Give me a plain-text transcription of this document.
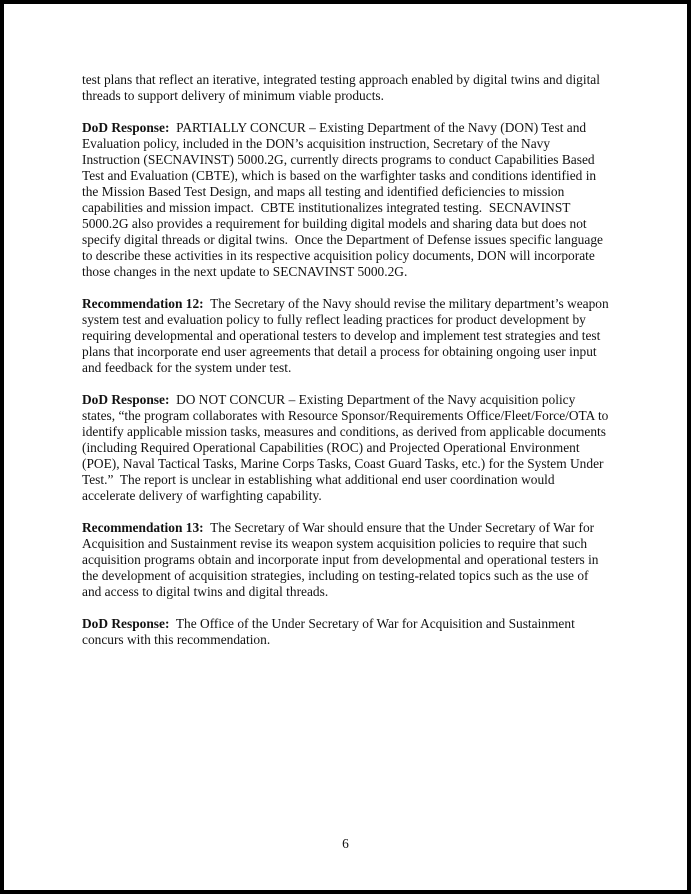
test plans that reflect an iterative, integrated testing approach enabled by digital twins and digital threads to support delivery of minimum viable products.

DoD Response:  PARTIALLY CONCUR – Existing Department of the Navy (DON) Test and Evaluation policy, included in the DON’s acquisition instruction, Secretary of the Navy Instruction (SECNAVINST) 5000.2G, currently directs programs to conduct Capabilities Based Test and Evaluation (CBTE), which is based on the warfighter tasks and conditions identified in the Mission Based Test Design, and maps all testing and identified deficiencies to mission capabilities and mission impact.  CBTE institutionalizes integrated testing.  SECNAVINST 5000.2G also provides a requirement for building digital models and sharing data but does not specify digital threads or digital twins.  Once the Department of Defense issues specific language to describe these activities in its respective acquisition policy documents, DON will incorporate those changes in the next update to SECNAVINST 5000.2G.

Recommendation 12:  The Secretary of the Navy should revise the military department’s weapon system test and evaluation policy to fully reflect leading practices for product development by requiring developmental and operational testers to develop and implement test strategies and test plans that incorporate end user agreements that detail a process for obtaining ongoing user input and feedback for the system under test.

DoD Response:  DO NOT CONCUR – Existing Department of the Navy acquisition policy states, “the program collaborates with Resource Sponsor/Requirements Office/Fleet/Force/OTA to identify applicable mission tasks, measures and conditions, as derived from applicable documents (including Required Operational Capabilities (ROC) and Projected Operational Environment (POE), Naval Tactical Tasks, Marine Corps Tasks, Coast Guard Tasks, etc.) for the System Under Test.”  The report is unclear in establishing what additional end user coordination would accelerate delivery of warfighting capability.

Recommendation 13:  The Secretary of War should ensure that the Under Secretary of War for Acquisition and Sustainment revise its weapon system acquisition policies to require that such acquisition programs obtain and incorporate input from developmental and operational testers in the development of acquisition strategies, including on testing-related topics such as the use of and access to digital twins and digital threads.

DoD Response:  The Office of the Under Secretary of War for Acquisition and Sustainment concurs with this recommendation.

6
